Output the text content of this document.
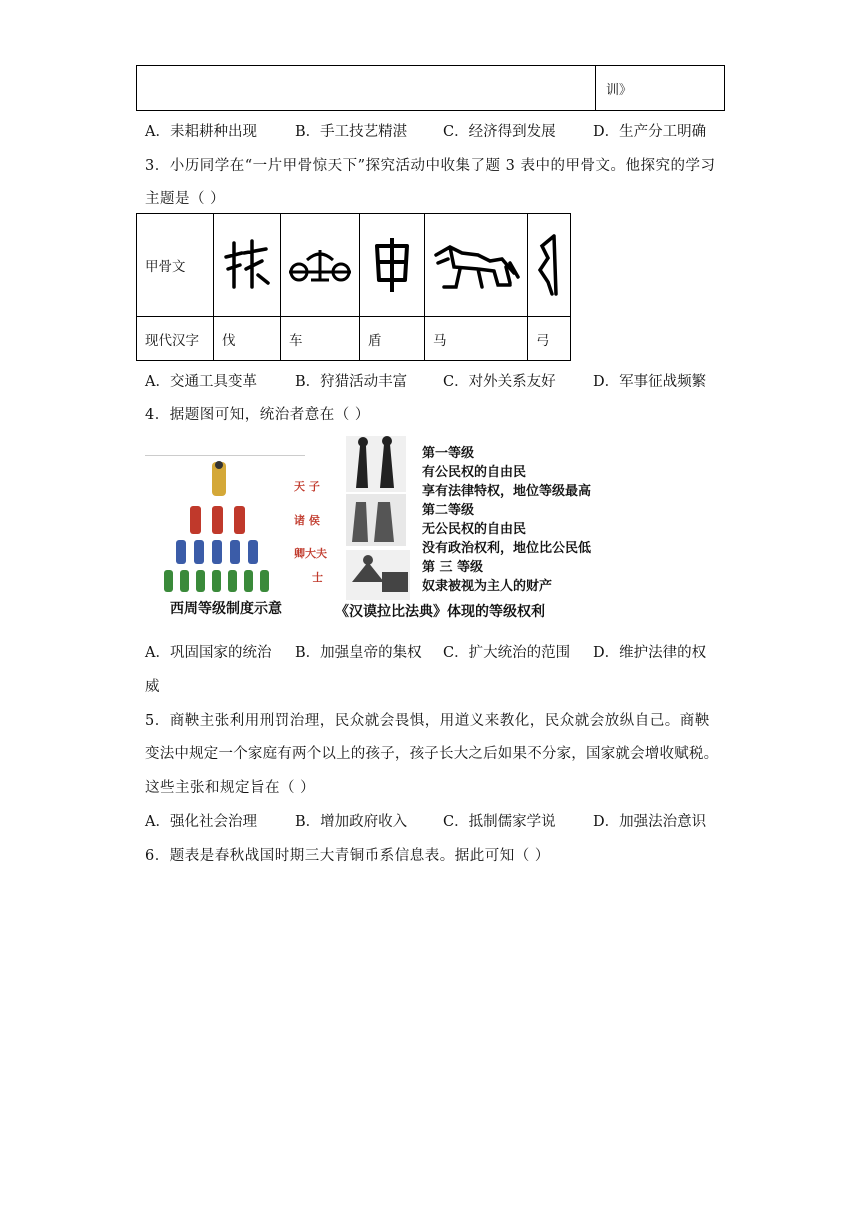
	训》
A．耒耜耕种出现	B．手工技艺精湛 C．经济得到发展	D．生产分工明确
3．小历同学在“一片甲骨惊天下”探究活动中收集了题 3 表中的甲骨文。他探究的学习
主题是（ ）
甲骨文	

现代汉字	伐	车	盾	马	弓
A．交通工具变革	B．狩猎活动丰富 C．对外关系友好	D．军事征战频繁
4．据题图可知，统治者意在（ ）
天 子
诸 侯
卿大夫
士
西周等级制度示意
第一等级
有公民权的自由民
享有法律特权，地位等级最高
第二等级
无公民权的自由民
没有政治权利，地位比公民低
第 三 等级
奴隶被视为主人的财产
《汉谟拉比法典》体现的等级权利
A．巩固国家的统治 B．加强皇帝的集权 C．扩大统治的范围 D．维护法律的权
威
5．商鞅主张利用刑罚治理，民众就会畏惧，用道义来教化，民众就会放纵自己。商鞅
变法中规定一个家庭有两个以上的孩子，孩子长大之后如果不分家，国家就会增收赋税。
这些主张和规定旨在（ ）
A．强化社会治理	B．增加政府收入 C．抵制儒家学说	D．加强法治意识
6．题表是春秋战国时期三大青铜币系信息表。据此可知（ ）
